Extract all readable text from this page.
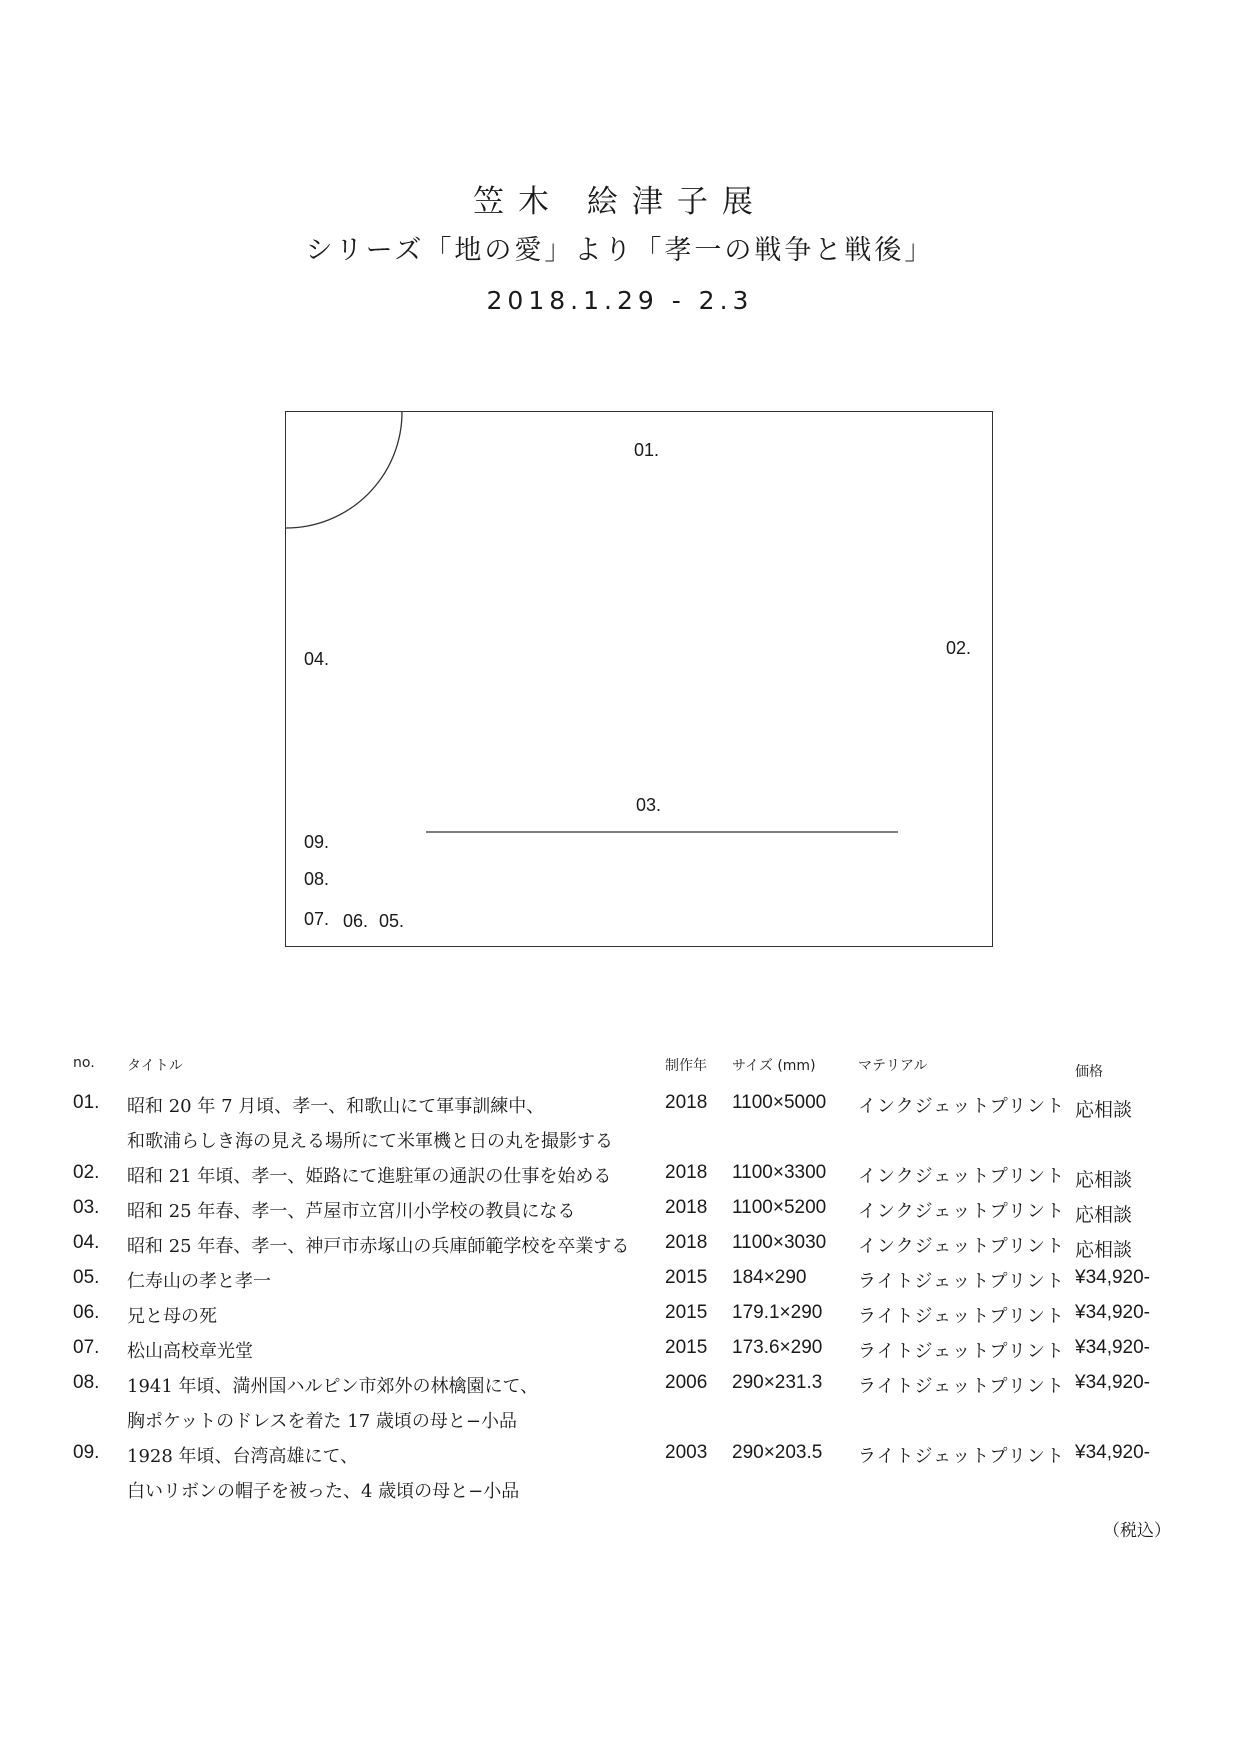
笠木 絵津子展
シリーズ「地の愛」より「孝一の戦争と戦後」
2018.1.29 - 2.3
01.
02.
03.
04.
09.
08.
07. 06. 05.
no. タイトル	制作年 サイズ (mm)	マテリアル	価格
01. 昭和 20 年 7 月頃、孝一、和歌山にて軍事訓練中、	2018 1100×5000 インクジェットプリント 応相談
和歌浦らしき海の見える場所にて米軍機と日の丸を撮影する
02. 昭和 21 年頃、孝一、姫路にて進駐軍の通訳の仕事を始める	2018 1100×3300 インクジェットプリント 応相談
03. 昭和 25 年春、孝一、芦屋市立宮川小学校の教員になる	2018 1100×5200 インクジェットプリント 応相談
04. 昭和 25 年春、孝一、神戸市赤塚山の兵庫師範学校を卒業する 2018 1100×3030 インクジェットプリント 応相談
05. 仁寿山の孝と孝一	2015 184×290	ライトジェットプリント ¥34,920-
06. 兄と母の死	2015 179.1×290 ライトジェットプリント ¥34,920-
07. 松山高校章光堂	2015 173.6×290 ライトジェットプリント ¥34,920-
08. 1941 年頃、満州国ハルピン市郊外の林檎園にて、	2006 290×231.3 ライトジェットプリント ¥34,920-
胸ポケットのドレスを着た 17 歳頃の母と−小品
09. 1928 年頃、台湾高雄にて、	2003 290×203.5 ライトジェットプリント ¥34,920-
白いリボンの帽子を被った、4 歳頃の母と−小品
（税込）
